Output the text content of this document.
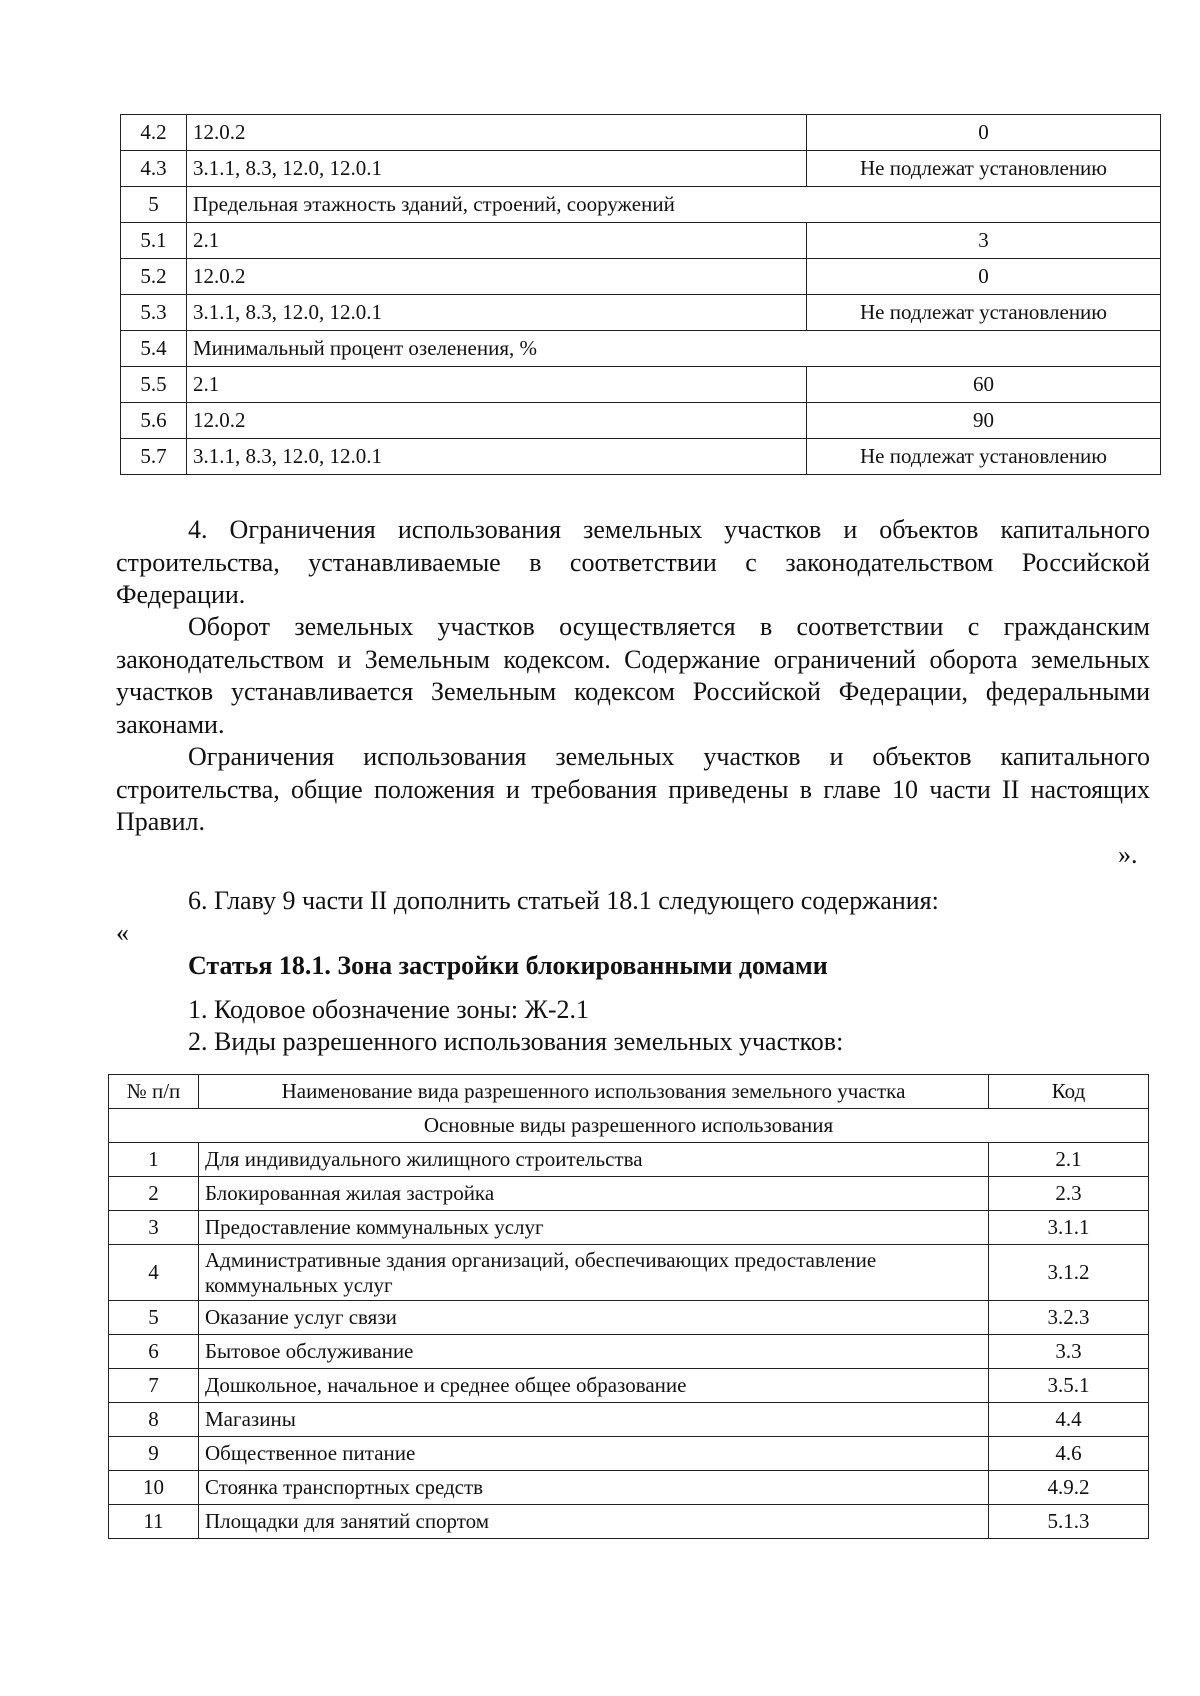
4.2	12.0.2	0
4.3	3.1.1, 8.3, 12.0, 12.0.1	Не подлежат установлению
5	Предельная этажность зданий, строений, сооружений	
5.1	2.1	3
5.2	12.0.2	0
5.3	3.1.1, 8.3, 12.0, 12.0.1	Не подлежат установлению
5.4	Минимальный процент озеленения, %	
5.5	2.1	60
5.6	12.0.2	90
5.7	3.1.1, 8.3, 12.0, 12.0.1	Не подлежат установлению
4. Ограничения использования земельных участков и объектов капитального строительства, устанавливаемые в соответствии с законодательством Российской Федерации.
Оборот земельных участков осуществляется в соответствии с гражданским законодательством и Земельным кодексом. Содержание ограничений оборота земельных участков устанавливается Земельным кодексом Российской Федерации, федеральными законами.
Ограничения использования земельных участков и объектов капитального строительства, общие положения и требования приведены в главе 10 части II настоящих Правил.
».
6. Главу 9 части II дополнить статьей 18.1 следующего содержания:
«
Статья 18.1. Зона застройки блокированными домами
1. Кодовое обозначение зоны: Ж-2.1
2. Виды разрешенного использования земельных участков:
№ п/п	Наименование вида разрешенного использования земельного участка	Код
Основные виды разрешенного использования		
1	Для индивидуального жилищного строительства	2.1
2	Блокированная жилая застройка	2.3
3	Предоставление коммунальных услуг	3.1.1
4	Административные здания организаций, обеспечивающих предоставление коммунальных услуг	3.1.2
5	Оказание услуг связи	3.2.3
6	Бытовое обслуживание	3.3
7	Дошкольное, начальное и среднее общее образование	3.5.1
8	Магазины	4.4
9	Общественное питание	4.6
10	Стоянка транспортных средств	4.9.2
11	Площадки для занятий спортом	5.1.3
